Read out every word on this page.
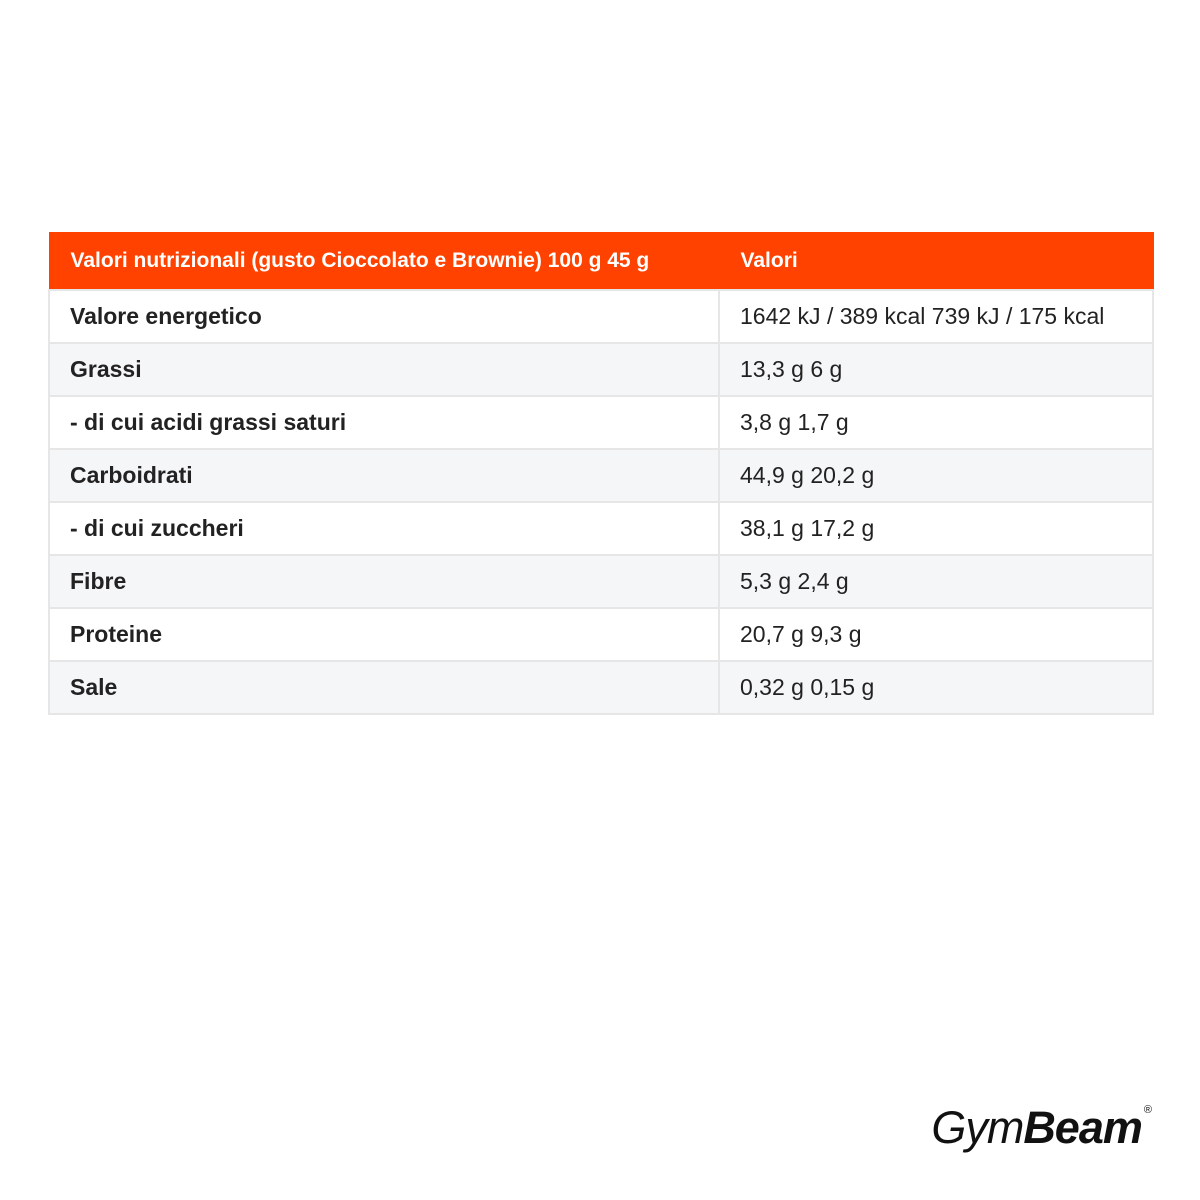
Valori nutrizionali (gusto Cioccolato e Brownie) 100 g 45 g	Valori
Valore energetico	1642 kJ / 389 kcal 739 kJ / 175 kcal
Grassi	13,3 g 6 g
- di cui acidi grassi saturi	3,8 g 1,7 g
Carboidrati	44,9 g 20,2 g
- di cui zuccheri	38,1 g 17,2 g
Fibre	5,3 g 2,4 g
Proteine	20,7 g 9,3 g
Sale	0,32 g 0,15 g
Gym Beam ®
